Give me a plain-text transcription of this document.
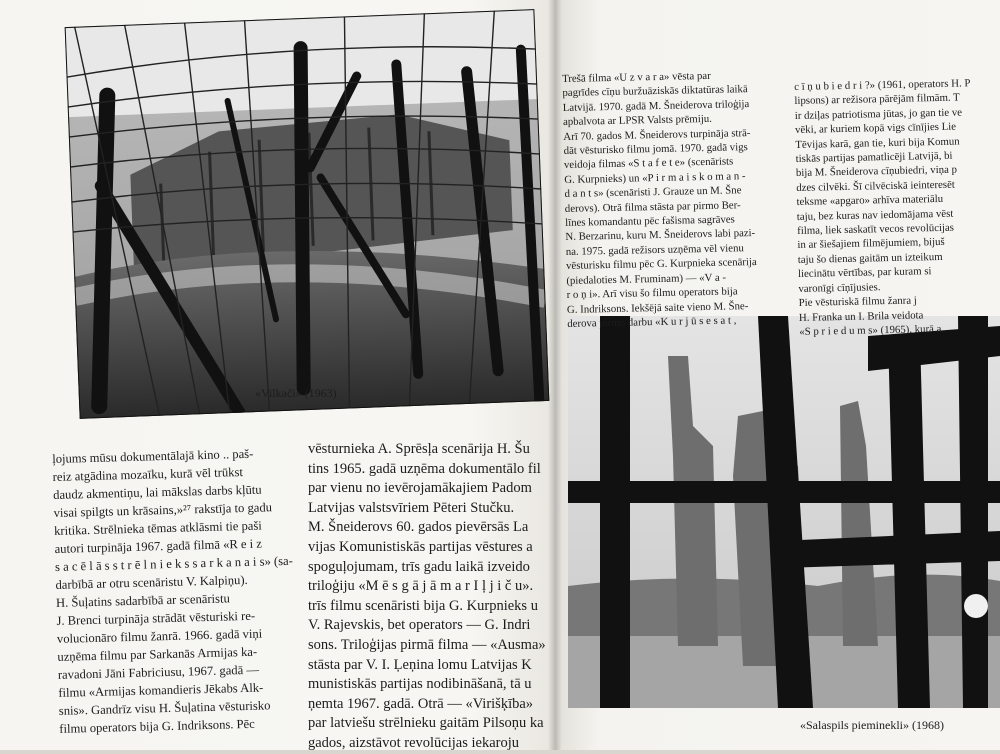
«Vilkači» (1963)
«Salaspils piemineklі» (1968)
ļojums mūsu dokumentālajā kino .. paš-
reiz atgādina mozaīku, kurā vēl trūkst
daudz akmentiņu, lai mākslas darbs kļūtu
visai spilgts un krāsains,»²⁷ rakstīja to gadu
kritika. Strēlnieka tēmas atklāsmi tie paši
autori turpināja 1967. gadā filmā «R e i z
s a c ē l ā s s t r ē l n i e k s s a r k a n a i s» (sa-
darbībā ar otru scenāristu V. Kalpiņu).
H. Šuļatins sadarbībā ar scenāristu
J. Brenci turpināja strādāt vēsturiski re-
volucionāro filmu žanrā. 1966. gadā viņi
uzņēma filmu par Sarkanās Armijas ka-
ravadoni Jāni Fabriciusu, 1967. gadā —
filmu «Armijas komandieris Jēkabs Alk-
snis». Gandrīz visu H. Šuļatina vēsturisko
filmu operators bija G. Indriksons. Pēc
vēsturnieka A. Sprēsļa scenārija H. Šu
tins 1965. gadā uzņēma dokumentālo fil
par vienu no ievērojamākajiem Padom
Latvijas valstsvīriem Pēteri Stučku.
M. Šneiderovs 60. gados pievērsās La
vijas Komunistiskās partijas vēstures a
spoguļojumam, trīs gadu laikā izveido
triloģiju «M ē s g ā j ā m a r I ļ j i č u».
trīs filmu scenāristi bija G. Kurpnieks u
V. Rajevskis, bet operators — G. Indri
sons. Triloģijas pirmā filma — «Ausma»
stāsta par V. I. Ļeņina lomu Latvijas K
munistiskās partijas nodibināšanā, tā u
ņemta 1967. gadā. Otrā — «Virišķība»
par latviešu strēlnieku gaitām Pilsoņu ka
gados, aizstāvot revolūcijas iekaroju
Trešā filma «U z v a r a» vēsta par
pagrīdes cīņu buržuāziskās diktatūras laikā
Latvijā. 1970. gadā M. Šneiderova triloģija
apbalvota ar LPSR Valsts prēmiju.
Arī 70. gados M. Šneiderovs turpināja strā-
dāt vēsturisko filmu jomā. 1970. gadā vigs
veidoja filmas «S t a f e t e» (scenārists
G. Kurpnieks) un «P i r m a i s k o m a n -
d a n t s» (scenāristi J. Grauze un M. Šne
derovs). Otrā filma stāsta par pirmo Ber-
līnes komandantu pēc fašisma sagrāves
N. Berzarinu, kuru M. Šneiderovs labi pazi-
na. 1975. gadā režisors uzņēma vēl vienu
vēsturisku filmu pēc G. Kurpnieka scenārija
(piedaloties M. Fruminam) — «V a -
r o ņ i». Arī visu šo filmu operators bija
G. Indriksons. Iekšējā saite vieno M. Šne-
derova pirmo darbu «K u r j ū s e s a t ,
c ī ņ u b i e d r i ?» (1961, operators H. P
lipsons) ar režisora pārējām filmām. T
ir dziļas patriotisma jūtas, jo gan tie ve
vēki, ar kuriem kopā vigs cīnījies Lie
Tēvijas karā, gan tie, kuri bija Komun
tiskās partijas pamatlicēji Latvijā, bi
bija M. Šneiderova cīņubiedri, viņa p
dzes cilvēki. Šī cilvēciskā ieinteresēt
teksme «apgaro» arhīva materiālu
taju, bez kuras nav iedomājama vēst
filma, liek saskatīt vecos revolūcijas
in ar šiešajiem filmējumiem, bijuš
taju šo dienas gaitām un izteikum
liecinātu vērtības, par kuram si
varonīgi cīņījusies.
Pie vēsturiskā filmu žanra j
H. Franka un I. Brila veidota
«S p r i e d u m s» (1965), kurā a
